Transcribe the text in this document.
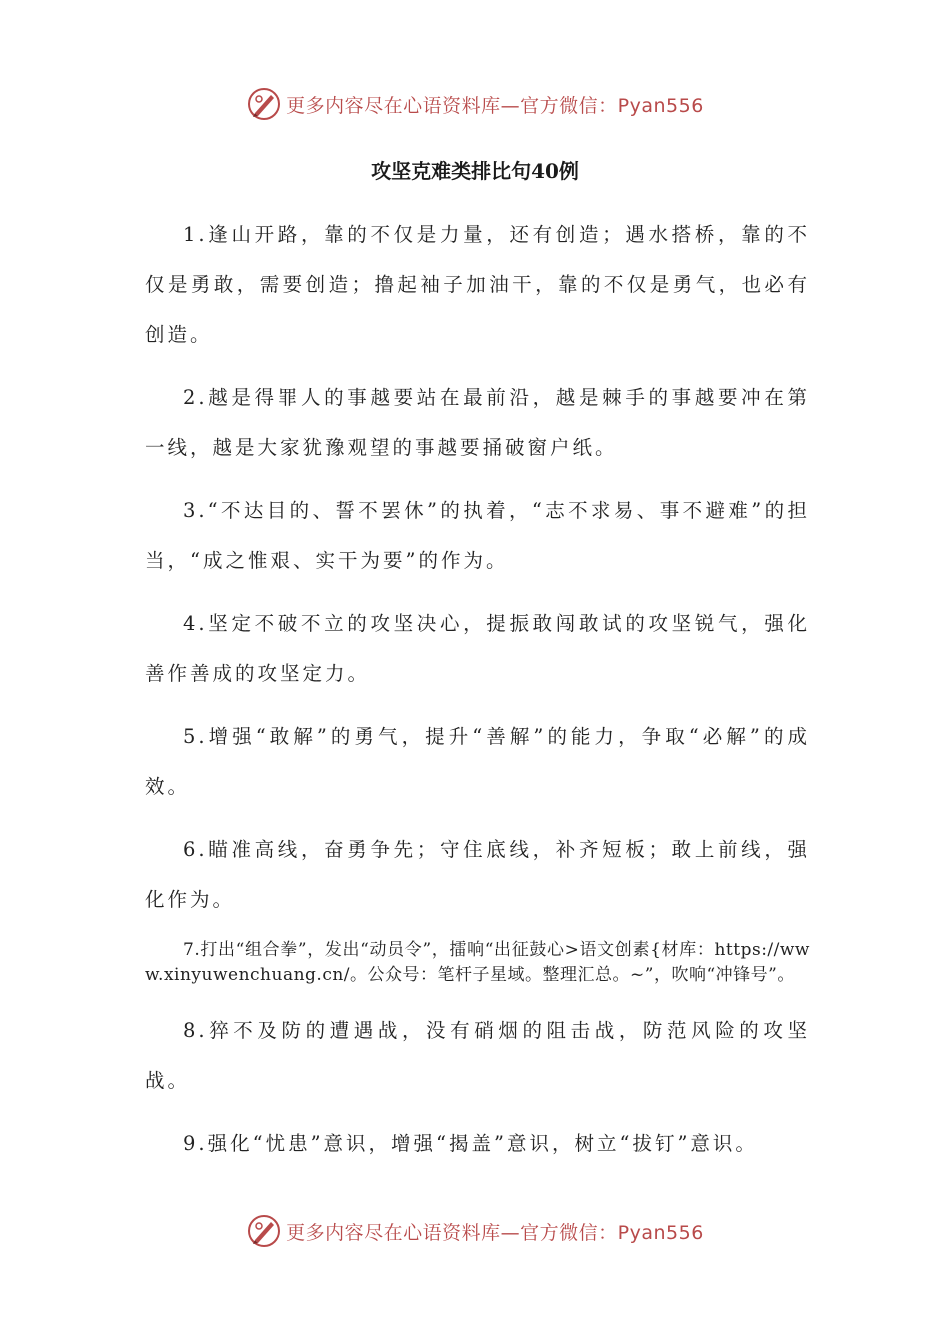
更多内容尽在心语资料库—官方微信：Pyan556
攻坚克难类排比句40例

1.逢山开路，靠的不仅是力量，还有创造；遇水搭桥，靠的不仅是勇敢，需要创造；撸起袖子加油干，靠的不仅是勇气，也必有创造。

2.越是得罪人的事越要站在最前沿，越是棘手的事越要冲在第一线，越是大家犹豫观望的事越要捅破窗户纸。

3.“不达目的、誓不罢休”的执着，“志不求易、事不避难”的担当，“成之惟艰、实干为要”的作为。

4.坚定不破不立的攻坚决心，提振敢闯敢试的攻坚锐气，强化善作善成的攻坚定力。

5.增强“敢解”的勇气，提升“善解”的能力，争取“必解”的成效。

6.瞄准高线，奋勇争先；守住底线，补齐短板；敢上前线，强化作为。

7.打出“组合拳”，发出“动员令”，擂响“出征鼓心>语文创素{材库：https://www.xinyuwenchuang.cn/。公众号：笔杆子星域。整理汇总。~”，吹响“冲锋号”。

8.猝不及防的遭遇战，没有硝烟的阻击战，防范风险的攻坚战。

9.强化“忧患”意识，增强“揭盖”意识，树立“拔钉”意识。

更多内容尽在心语资料库—官方微信：Pyan556
